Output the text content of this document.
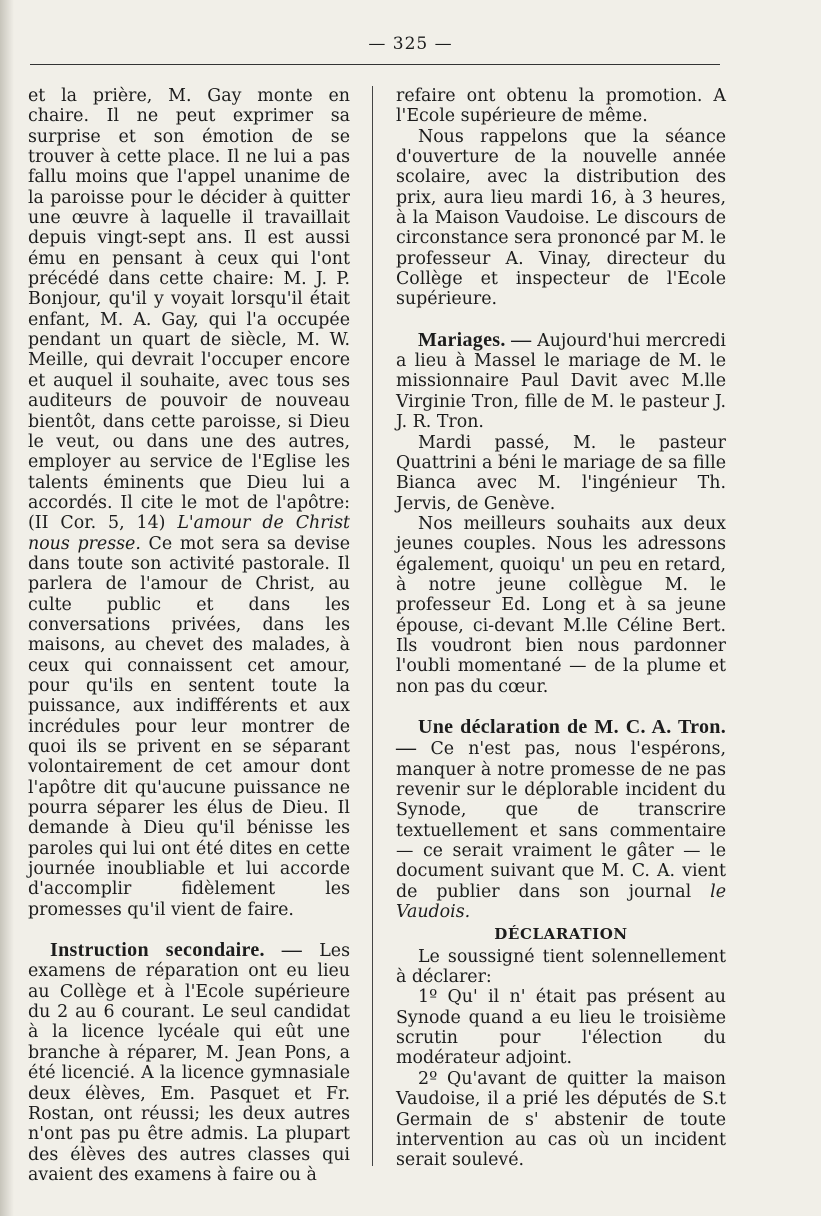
— 325 —

et la prière, M. Gay monte en chaire. Il ne peut exprimer sa surprise et son émotion de se trouver à cette place. Il ne lui a pas fallu moins que l'appel unanime de la paroisse pour le décider à quitter une œuvre à laquelle il travaillait depuis vingt-sept ans. Il est aussi ému en pensant à ceux qui l'ont précédé dans cette chaire: M. J. P. Bonjour, qu'il y voyait lorsqu'il était enfant, M. A. Gay, qui l'a occupée pendant un quart de siècle, M. W. Meille, qui devrait l'occuper encore et auquel il souhaite, avec tous ses auditeurs de pouvoir de nouveau bientôt, dans cette paroisse, si Dieu le veut, ou dans une des autres, employer au service de l'Eglise les talents éminents que Dieu lui a accordés. Il cite le mot de l'apôtre: (II Cor. 5, 14) L'amour de Christ nous presse. Ce mot sera sa devise dans toute son activité pastorale. Il parlera de l'amour de Christ, au culte public et dans les conversations privées, dans les maisons, au chevet des malades, à ceux qui connaissent cet amour, pour qu'ils en sentent toute la puissance, aux indifférents et aux incrédules pour leur montrer de quoi ils se privent en se séparant volontairement de cet amour dont l'apôtre dit qu'aucune puissance ne pourra séparer les élus de Dieu. Il demande à Dieu qu'il bénisse les paroles qui lui ont été dites en cette journée inoubliable et lui accorde d'accomplir fidèlement les promesses qu'il vient de faire.

Instruction secondaire. — Les examens de réparation ont eu lieu au Collège et à l'Ecole supérieure du 2 au 6 courant. Le seul candidat à la licence lycéale qui eût une branche à réparer, M. Jean Pons, a été licencié. A la licence gymnasiale deux élèves, Em. Pasquet et Fr. Rostan, ont réussi; les deux autres n'ont pas pu être admis. La plupart des élèves des autres classes qui avaient des examens à faire ou à

refaire ont obtenu la promotion. A l'Ecole supérieure de même.

Nous rappelons que la séance d'ouverture de la nouvelle année scolaire, avec la distribution des prix, aura lieu mardi 16, à 3 heures, à la Maison Vaudoise. Le discours de circonstance sera prononcé par M. le professeur A. Vinay, directeur du Collège et inspecteur de l'Ecole supérieure.

Mariages. — Aujourd'hui mercredi a lieu à Massel le mariage de M. le missionnaire Paul Davit avec M.lle Virginie Tron, fille de M. le pasteur J. J. R. Tron.

Mardi passé, M. le pasteur Quattrini a béni le mariage de sa fille Bianca avec M. l'ingénieur Th. Jervis, de Genève.

Nos meilleurs souhaits aux deux jeunes couples. Nous les adressons également, quoiqu' un peu en retard, à notre jeune collègue M. le professeur Ed. Long et à sa jeune épouse, ci-devant M.lle Céline Bert. Ils voudront bien nous pardonner l'oubli momentané — de la plume et non pas du cœur.

Une déclaration de M. C. A. Tron. — Ce n'est pas, nous l'espérons, manquer à notre promesse de ne pas revenir sur le déplorable incident du Synode, que de transcrire textuellement et sans commentaire — ce serait vraiment le gâter — le document suivant que M. C. A. vient de publier dans son journal le Vaudois.

DÉCLARATION

Le soussigné tient solennellement à déclarer:

1º Qu' il n' était pas présent au Synode quand a eu lieu le troisième scrutin pour l'élection du modérateur adjoint.

2º Qu'avant de quitter la maison Vaudoise, il a prié les députés de S.t Germain de s' abstenir de toute intervention au cas où un incident serait soulevé.
